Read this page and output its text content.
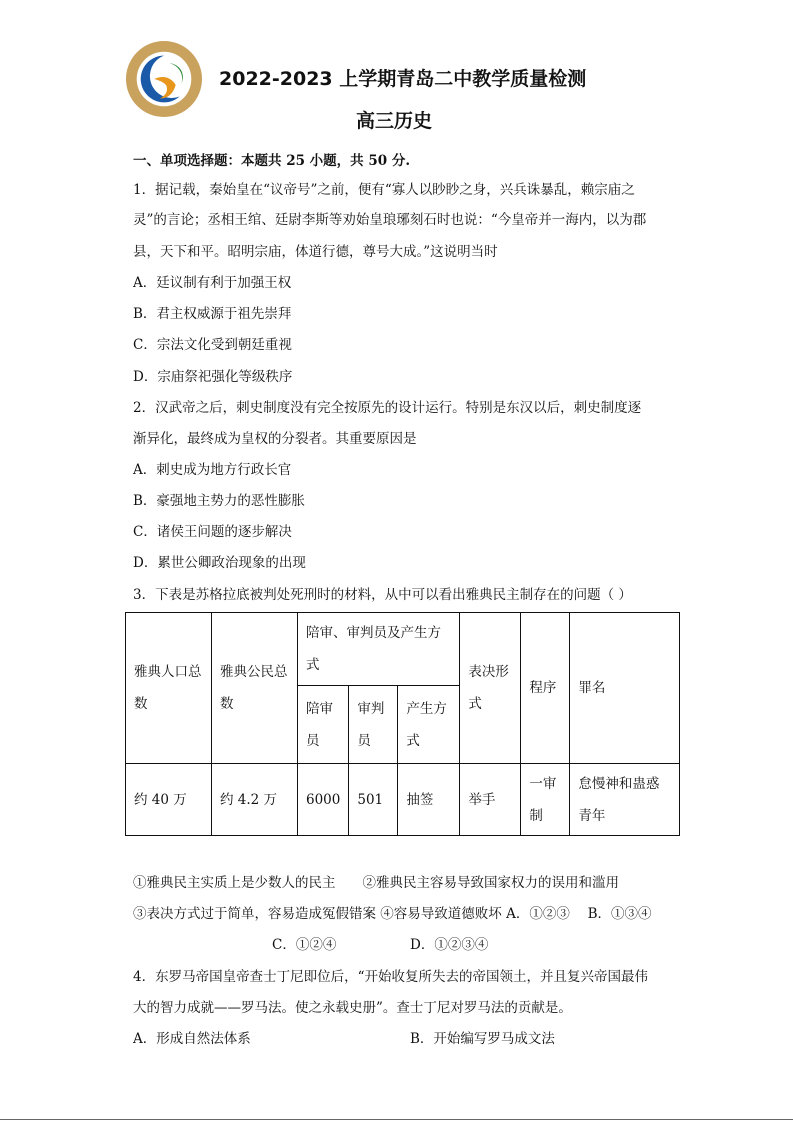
2022-2023 上学期青岛二中教学质量检测
高三历史
一、单项选择题：本题共 25 小题，共 50 分.
1．据记载，秦始皇在“议帝号”之前，便有“寡人以眇眇之身，兴兵诛暴乱，赖宗庙之
灵”的言论；丞相王绾、廷尉李斯等劝始皇琅琊刻石时也说：“今皇帝并一海内，以为郡
县，天下和平。昭明宗庙，体道行德，尊号大成。”这说明当时
A．廷议制有利于加强王权
B．君主权威源于祖先崇拜
C．宗法文化受到朝廷重视
D．宗庙祭祀强化等级秩序
2．汉武帝之后，刺史制度没有完全按原先的设计运行。特别是东汉以后，刺史制度逐
渐异化，最终成为皇权的分裂者。其重要原因是
A．刺史成为地方行政长官
B．豪强地主势力的恶性膨胀
C．诸侯王问题的逐步解决
D．累世公卿政治现象的出现
3．下表是苏格拉底被判处死刑时的材料，从中可以看出雅典民主制存在的问题（ ）
雅典人口总数	雅典公民总数	陪审、审判员及产生方式			表决形式	程序	罪名
		陪审员	审判员	产生方式			
约 40 万	约 4.2 万	6000	501	抽签	举手	一审制	怠慢神和蛊惑青年
①雅典民主实质上是少数人的民主　　②雅典民主容易导致国家权力的误用和滥用
③表决方式过于简单，容易造成冤假错案 ④容易导致道德败坏 A．①②③　 B．①③④
C．①②④	D．①②③④
4．东罗马帝国皇帝查士丁尼即位后，“开始收复所失去的帝国领土，并且复兴帝国最伟
大的智力成就——罗马法。使之永载史册”。查士丁尼对罗马法的贡献是。
A．形成自然法体系	B．开始编写罗马成文法
